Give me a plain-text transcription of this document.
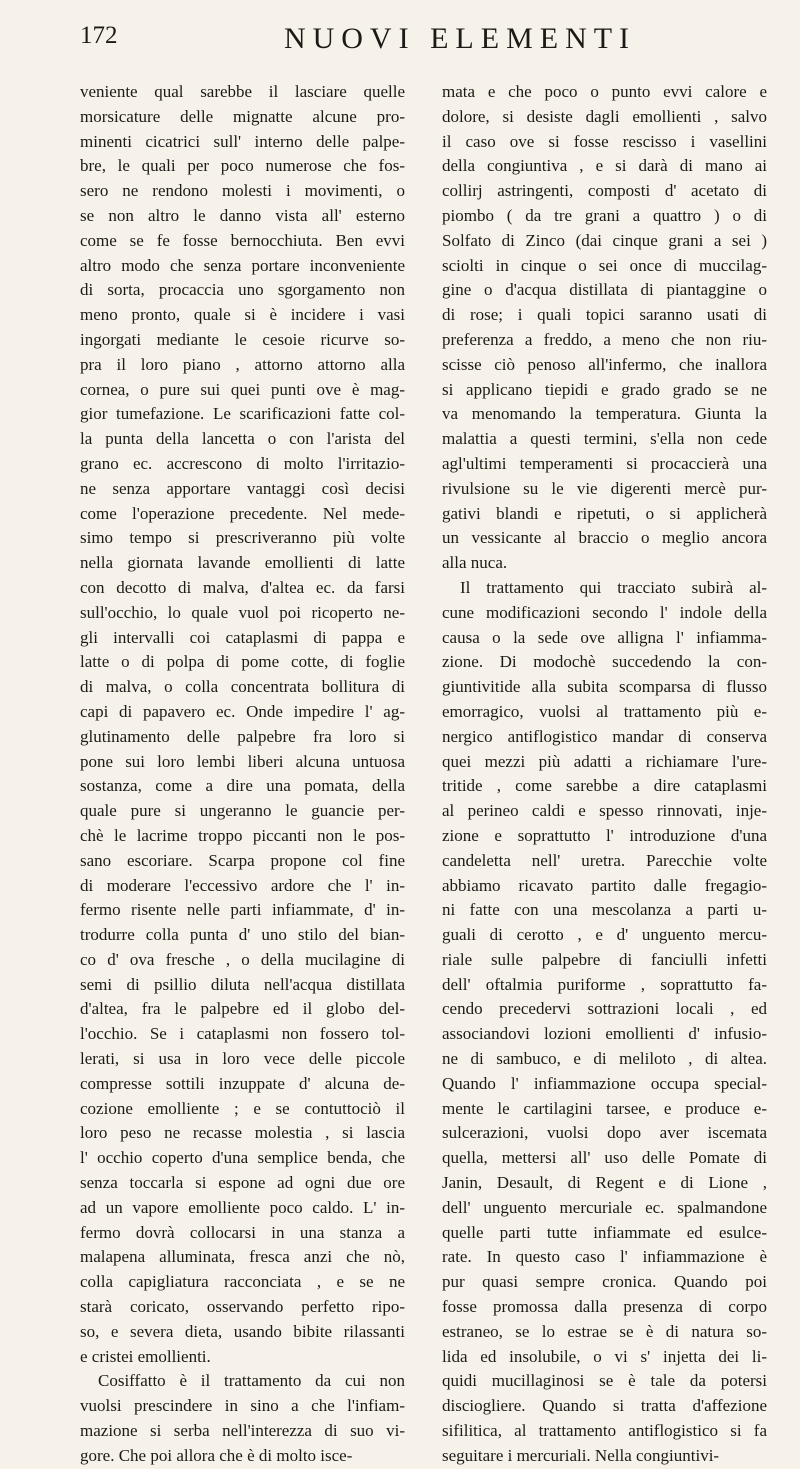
172	NUOVI ELEMENTI
veniente qual sarebbe il lasciare quelle
morsicature delle mignatte alcune pro-
minenti cicatrici sull' interno delle palpe-
bre, le quali per poco numerose che fos-
sero ne rendono molesti i movimenti, o
se non altro le danno vista all' esterno
come se fe fosse bernocchiuta. Ben evvi
altro modo che senza portare inconveniente
di sorta, procaccia uno sgorgamento non
meno pronto, quale si è incidere i vasi
ingorgati mediante le cesoie ricurve so-
pra il loro piano , attorno attorno alla
cornea, o pure sui quei punti ove è mag-
gior tumefazione. Le scarificazioni fatte col-
la punta della lancetta o con l'arista del
grano ec. accrescono di molto l'irritazio-
ne senza apportare vantaggi così decisi
come l'operazione precedente. Nel mede-
simo tempo si prescriveranno più volte
nella giornata lavande emollienti di latte
con decotto di malva, d'altea ec. da farsi
sull'occhio, lo quale vuol poi ricoperto ne-
gli intervalli coi cataplasmi di pappa e
latte o di polpa di pome cotte, di foglie
di malva, o colla concentrata bollitura di
capi di papavero ec. Onde impedire l' ag-
glutinamento delle palpebre fra loro si
pone sui loro lembi liberi alcuna untuosa
sostanza, come a dire una pomata, della
quale pure si ungeranno le guancie per-
chè le lacrime troppo piccanti non le pos-
sano escoriare. Scarpa propone col fine
di moderare l'eccessivo ardore che l' in-
fermo risente nelle parti infiammate, d' in-
trodurre colla punta d' uno stilo del bian-
co d' ova fresche , o della mucilagine di
semi di psillio diluta nell'acqua distillata
d'altea, fra le palpebre ed il globo del-
l'occhio. Se i cataplasmi non fossero tol-
lerati, si usa in loro vece delle piccole
compresse sottili inzuppate d' alcuna de-
cozione emolliente ; e se contuttociò il
loro peso ne recasse molestia , si lascia
l' occhio coperto d'una semplice benda, che
senza toccarla si espone ad ogni due ore
ad un vapore emolliente poco caldo. L' in-
fermo dovrà collocarsi in una stanza a
malapena alluminata, fresca anzi che nò,
colla capigliatura racconciata , e se ne
starà coricato, osservando perfetto ripo-
so, e severa dieta, usando bibite rilassanti
e cristei emollienti.
Cosiffatto è il trattamento da cui non
vuolsi prescindere in sino a che l'infiam-
mazione si serba nell'interezza di suo vi-
gore. Che poi allora che è di molto isce-
mata e che poco o punto evvi calore e
dolore, si desiste dagli emollienti , salvo
il caso ove si fosse rescisso i vasellini
della congiuntiva , e si darà di mano ai
collirj astringenti, composti d' acetato di
piombo ( da tre grani a quattro ) o di
Solfato di Zinco (dai cinque grani a sei )
sciolti in cinque o sei once di muccilag-
gine o d'acqua distillata di piantaggine o
di rose; i quali topici saranno usati di
preferenza a freddo, a meno che non riu-
scisse ciò penoso all'infermo, che inallora
si applicano tiepidi e grado grado se ne
va menomando la temperatura. Giunta la
malattia a questi termini, s'ella non cede
agl'ultimi temperamenti si procaccierà una
rivulsione su le vie digerenti mercè pur-
gativi blandi e ripetuti, o si applicherà
un vessicante al braccio o meglio ancora
alla nuca.
Il trattamento qui tracciato subirà al-
cune modificazioni secondo l' indole della
causa o la sede ove alligna l' infiamma-
zione. Di modochè succedendo la con-
giuntivitide alla subita scomparsa di flusso
emorragico, vuolsi al trattamento più e-
nergico antiflogistico mandar di conserva
quei mezzi più adatti a richiamare l'ure-
tritide , come sarebbe a dire cataplasmi
al perineo caldi e spesso rinnovati, inje-
zione e soprattutto l' introduzione d'una
candeletta nell' uretra. Parecchie volte
abbiamo ricavato partito dalle fregagio-
ni fatte con una mescolanza a parti u-
guali di cerotto , e d' unguento mercu-
riale sulle palpebre di fanciulli infetti
dell' oftalmia puriforme , soprattutto fa-
cendo precedervi sottrazioni locali , ed
associandovi lozioni emollienti d' infusio-
ne di sambuco, e di meliloto , di altea.
Quando l' infiammazione occupa special-
mente le cartilagini tarsee, e produce e-
sulcerazioni, vuolsi dopo aver iscemata
quella, mettersi all' uso delle Pomate di
Janin, Desault, di Regent e di Lione ,
dell' unguento mercuriale ec. spalmandone
quelle parti tutte infiammate ed esulce-
rate. In questo caso l' infiammazione è
pur quasi sempre cronica. Quando poi
fosse promossa dalla presenza di corpo
estraneo, se lo estrae se è di natura so-
lida ed insolubile, o vi s' injetta dei li-
quidi mucillaginosi se è tale da potersi
disciogliere. Quando si tratta d'affezione
sifilitica, al trattamento antiflogistico si fa
seguitare i mercuriali. Nella congiuntivi-
